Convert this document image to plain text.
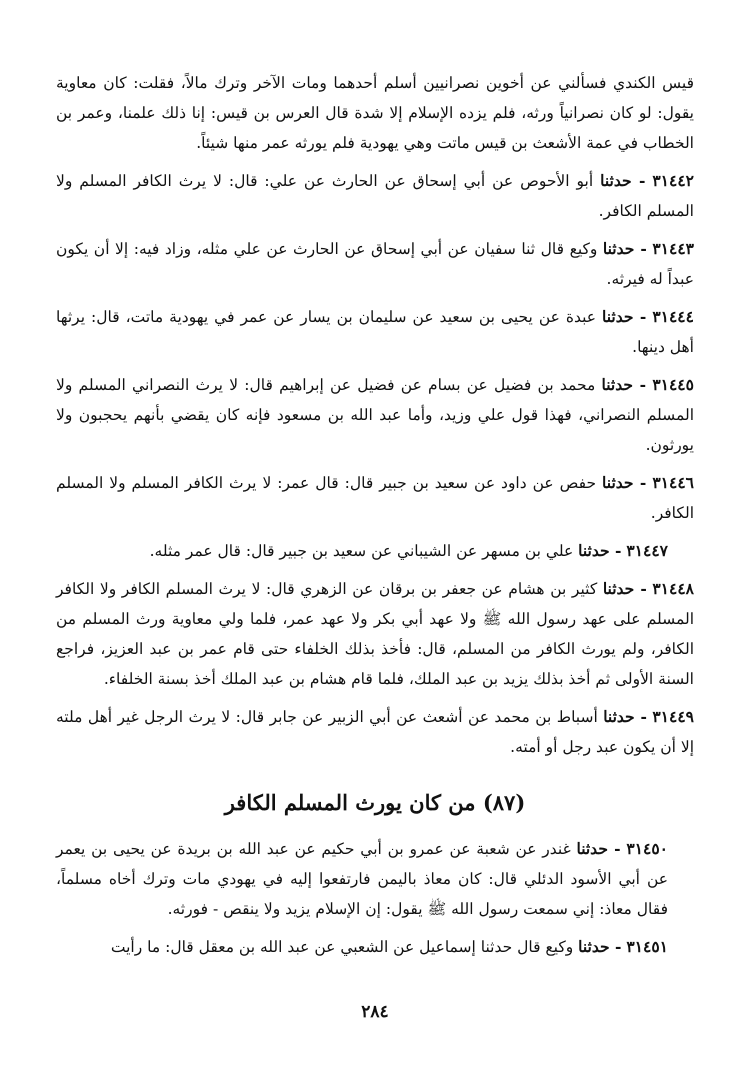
قيس الكندي فسألني عن أخوين نصرانيين أسلم أحدهما ومات الآخر وترك مالاً، فقلت: كان معاوية يقول: لو كان نصرانياً ورثه، فلم يزده الإسلام إلا شدة قال العرس بن قيس: إنا ذلك علمنا، وعمر بن الخطاب في عمة الأشعث بن قيس ماتت وهي يهودية فلم يورثه عمر منها شيئاً.

٣١٤٤٢ - حدثنا أبو الأحوص عن أبي إسحاق عن الحارث عن علي: قال: لا يرث الكافر المسلم ولا المسلم الكافر.

٣١٤٤٣ - حدثنا وكيع قال ثنا سفيان عن أبي إسحاق عن الحارث عن علي مثله، وزاد فيه: إلا أن يكون عبداً له فيرثه.

٣١٤٤٤ - حدثنا عبدة عن يحيى بن سعيد عن سليمان بن يسار عن عمر في يهودية ماتت، قال: يرثها أهل دينها.

٣١٤٤٥ - حدثنا محمد بن فضيل عن بسام عن فضيل عن إبراهيم قال: لا يرث النصراني المسلم ولا المسلم النصراني، فهذا قول علي وزيد، وأما عبد الله بن مسعود فإنه كان يقضي بأنهم يحجبون ولا يورثون.

٣١٤٤٦ - حدثنا حفص عن داود عن سعيد بن جبير قال: قال عمر: لا يرث الكافر المسلم ولا المسلم الكافر.

٣١٤٤٧ - حدثنا علي بن مسهر عن الشيباني عن سعيد بن جبير قال: قال عمر مثله.

٣١٤٤٨ - حدثنا كثير بن هشام عن جعفر بن برقان عن الزهري قال: لا يرث المسلم الكافر ولا الكافر المسلم على عهد رسول الله ﷺ ولا عهد أبي بكر ولا عهد عمر، فلما ولي معاوية ورث المسلم من الكافر، ولم يورث الكافر من المسلم، قال: فأخذ بذلك الخلفاء حتى قام عمر بن عبد العزيز، فراجع السنة الأولى ثم أخذ بذلك يزيد بن عبد الملك، فلما قام هشام بن عبد الملك أخذ بسنة الخلفاء.

٣١٤٤٩ - حدثنا أسباط بن محمد عن أشعث عن أبي الزبير عن جابر قال: لا يرث الرجل غير أهل ملته إلا أن يكون عبد رجل أو أمته.

(٨٧) من كان يورث المسلم الكافر

٣١٤٥٠ - حدثنا غندر عن شعبة عن عمرو بن أبي حكيم عن عبد الله بن بريدة عن يحيى بن يعمر عن أبي الأسود الدئلي قال: كان معاذ باليمن فارتفعوا إليه في يهودي مات وترك أخاه مسلماً، فقال معاذ: إني سمعت رسول الله ﷺ يقول: إن الإسلام يزيد ولا ينقص - فورثه.

٣١٤٥١ - حدثنا وكيع قال حدثنا إسماعيل عن الشعبي عن عبد الله بن معقل قال: ما رأيت

٢٨٤
